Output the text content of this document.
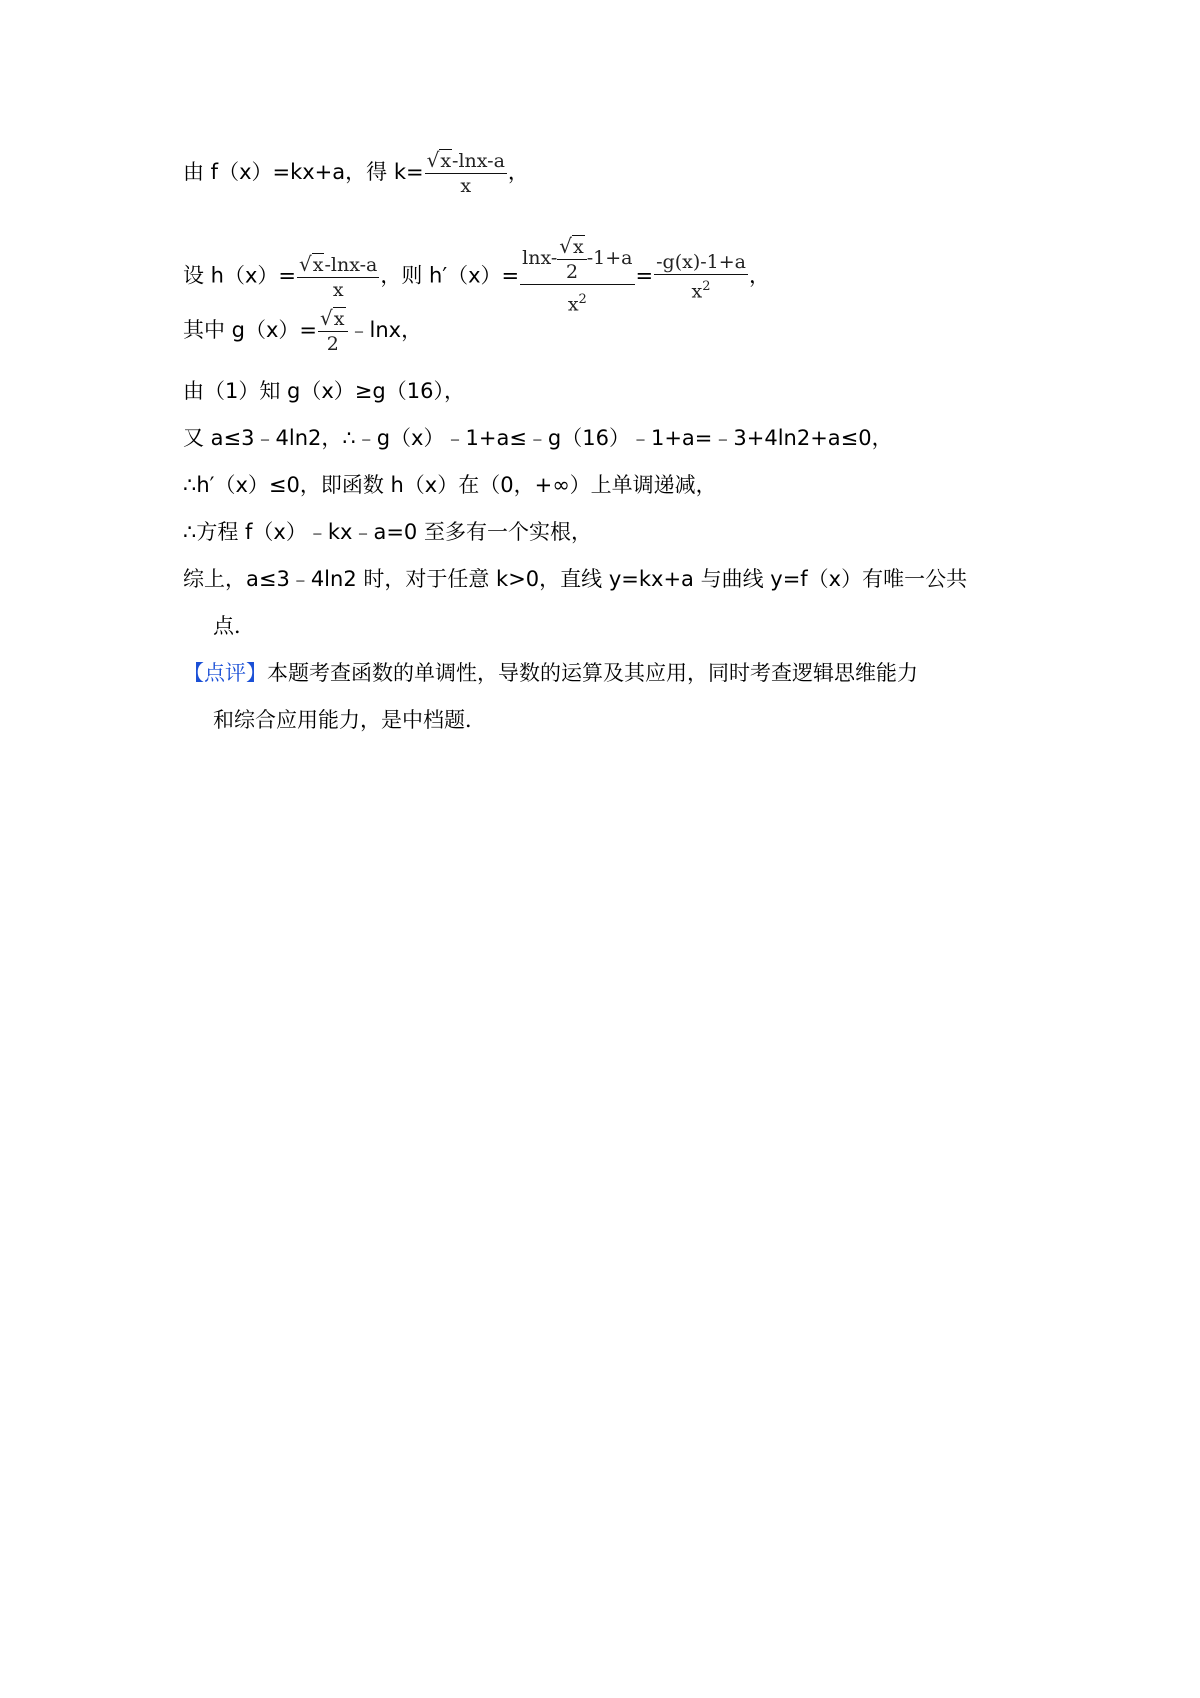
由 f（x）=kx+a，得 $k= \frac{√x-\ln x-a}{x}$ ，
设 $h(x)= \frac{√x-\ln x-a}{x}$ ，则 $h'(x)= \frac{\ln x- \frac{√x}{2} -1+a}{x^2} = \frac{-g(x)-1+a}{x^2}$ ，
其中 $g(x)= \frac{√x}{2}$ ﹣lnx，
由（1）知 g（x）≥g（16），
又 a≤3﹣4ln2，∴﹣g（x）﹣1+a≤﹣g（16）﹣1+a=﹣3+4ln2+a≤0，
∴h′（x）≤0，即函数 h（x）在（0，+∞）上单调递减，
∴方程 f（x）﹣kx﹣a=0 至多有一个实根，
综上，a≤3﹣4ln2 时，对于任意 k>0，直线 y=kx+a 与曲线 y=f（x）有唯一公共
点．
【点评】本题考查函数的单调性，导数的运算及其应用，同时考查逻辑思维能力
和综合应用能力，是中档题．
